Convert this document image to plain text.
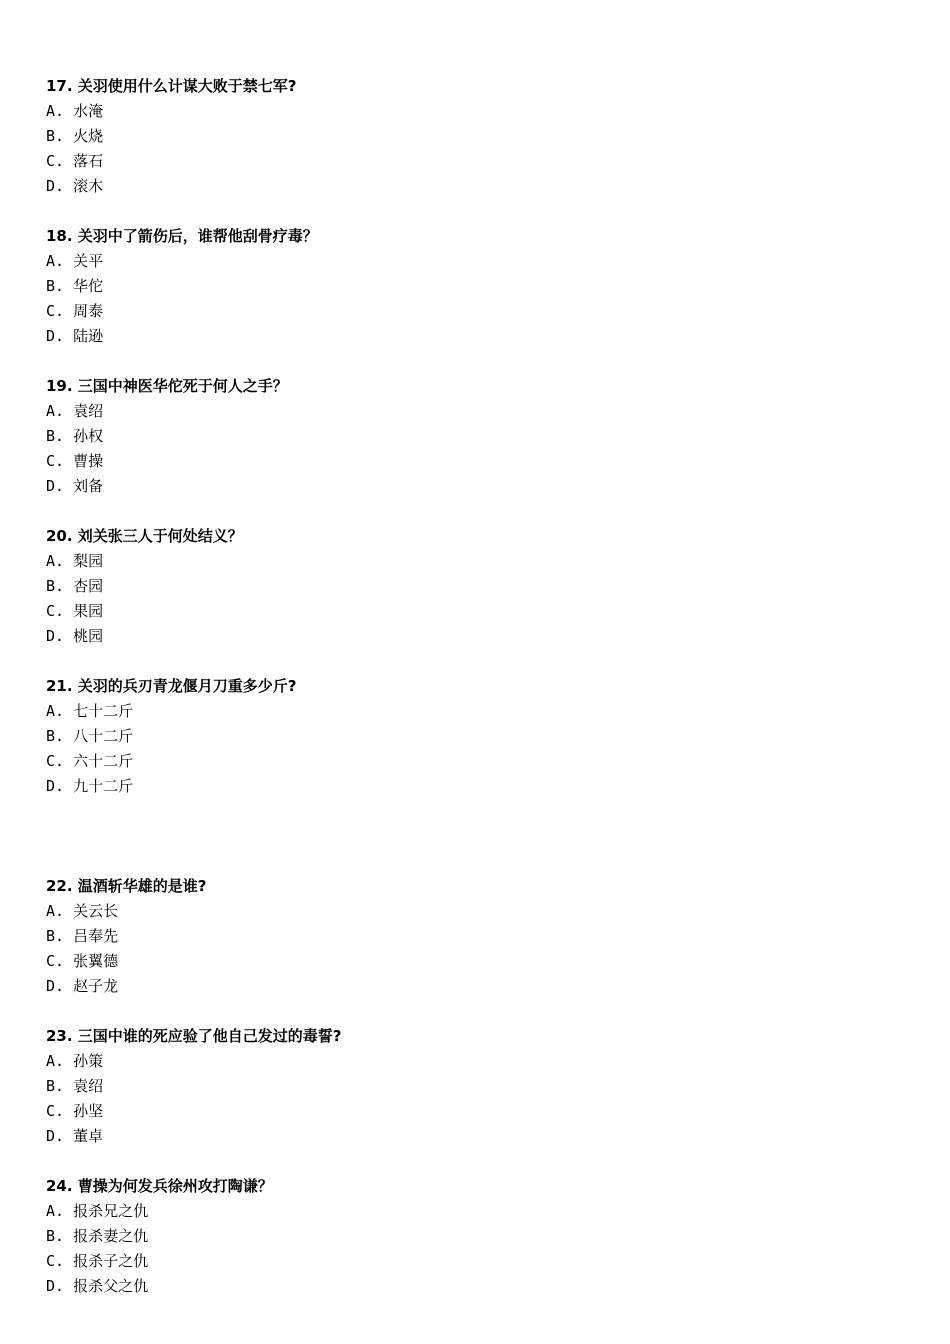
17. 关羽使用什么计谋大败于禁七军?
A. 水淹
B. 火烧
C. 落石
D. 滚木
18. 关羽中了箭伤后，谁帮他刮骨疗毒？
A. 关平
B. 华佗
C. 周泰
D. 陆逊
19. 三国中神医华佗死于何人之手？
A. 袁绍
B. 孙权
C. 曹操
D. 刘备
20. 刘关张三人于何处结义？
A. 梨园
B. 杏园
C. 果园
D. 桃园
21. 关羽的兵刃青龙偃月刀重多少斤?
A. 七十二斤
B. 八十二斤
C. 六十二斤
D. 九十二斤
22. 温酒斩华雄的是谁?
A. 关云长
B. 吕奉先
C. 张翼德
D. 赵子龙
23. 三国中谁的死应验了他自己发过的毒誓?
A. 孙策
B. 袁绍
C. 孙坚
D. 董卓
24. 曹操为何发兵徐州攻打陶谦？
A. 报杀兄之仇
B. 报杀妻之仇
C. 报杀子之仇
D. 报杀父之仇
